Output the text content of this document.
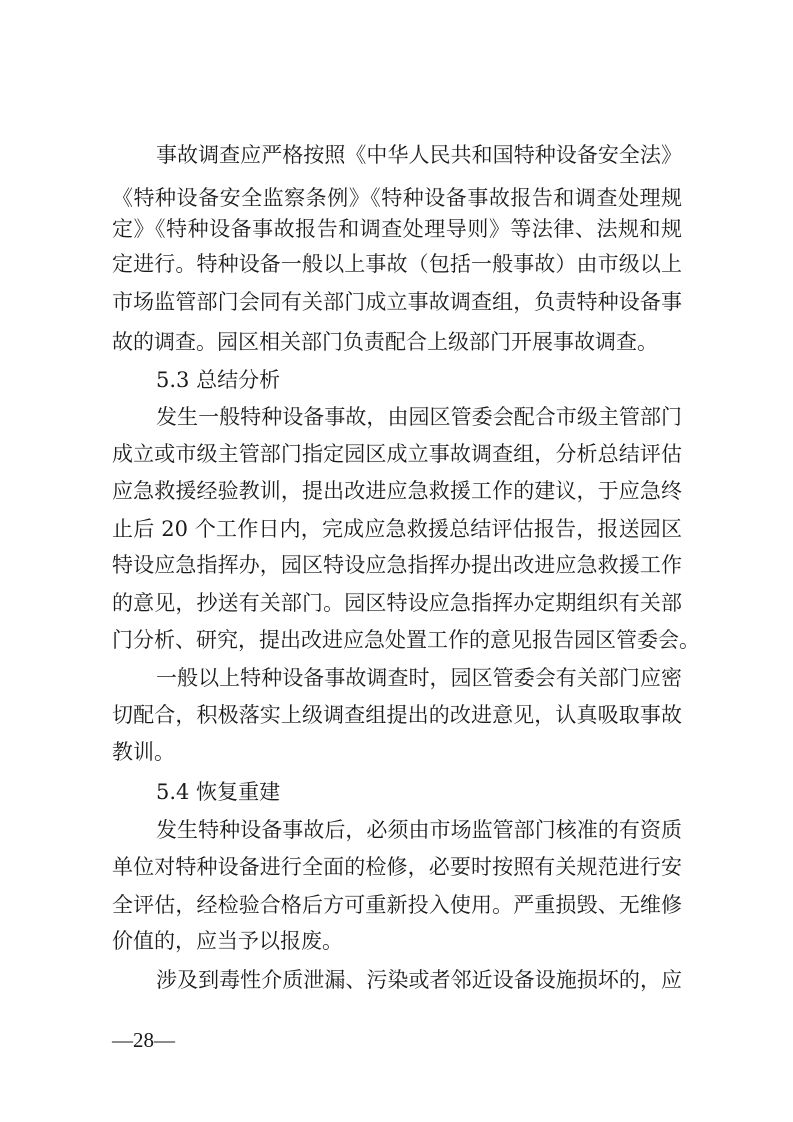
事故调查应严格按照《中华人民共和国特种设备安全法》
《特种设备安全监察条例》《特种设备事故报告和调查处理规
定》《特种设备事故报告和调查处理导则》等法律、法规和规
定进行。特种设备一般以上事故（包括一般事故）由市级以上
市场监管部门会同有关部门成立事故调查组，负责特种设备事
故的调查。园区相关部门负责配合上级部门开展事故调查。
5.3 总结分析
发生一般特种设备事故，由园区管委会配合市级主管部门
成立或市级主管部门指定园区成立事故调查组，分析总结评估
应急救援经验教训，提出改进应急救援工作的建议，于应急终
止后 20 个工作日内，完成应急救援总结评估报告，报送园区
特设应急指挥办，园区特设应急指挥办提出改进应急救援工作
的意见，抄送有关部门。园区特设应急指挥办定期组织有关部
门分析、研究，提出改进应急处置工作的意见报告园区管委会。
一般以上特种设备事故调查时，园区管委会有关部门应密
切配合，积极落实上级调查组提出的改进意见，认真吸取事故
教训。
5.4 恢复重建
发生特种设备事故后，必须由市场监管部门核准的有资质
单位对特种设备进行全面的检修，必要时按照有关规范进行安
全评估，经检验合格后方可重新投入使用。严重损毁、无维修
价值的，应当予以报废。
涉及到毒性介质泄漏、污染或者邻近设备设施损坏的，应
—28—
